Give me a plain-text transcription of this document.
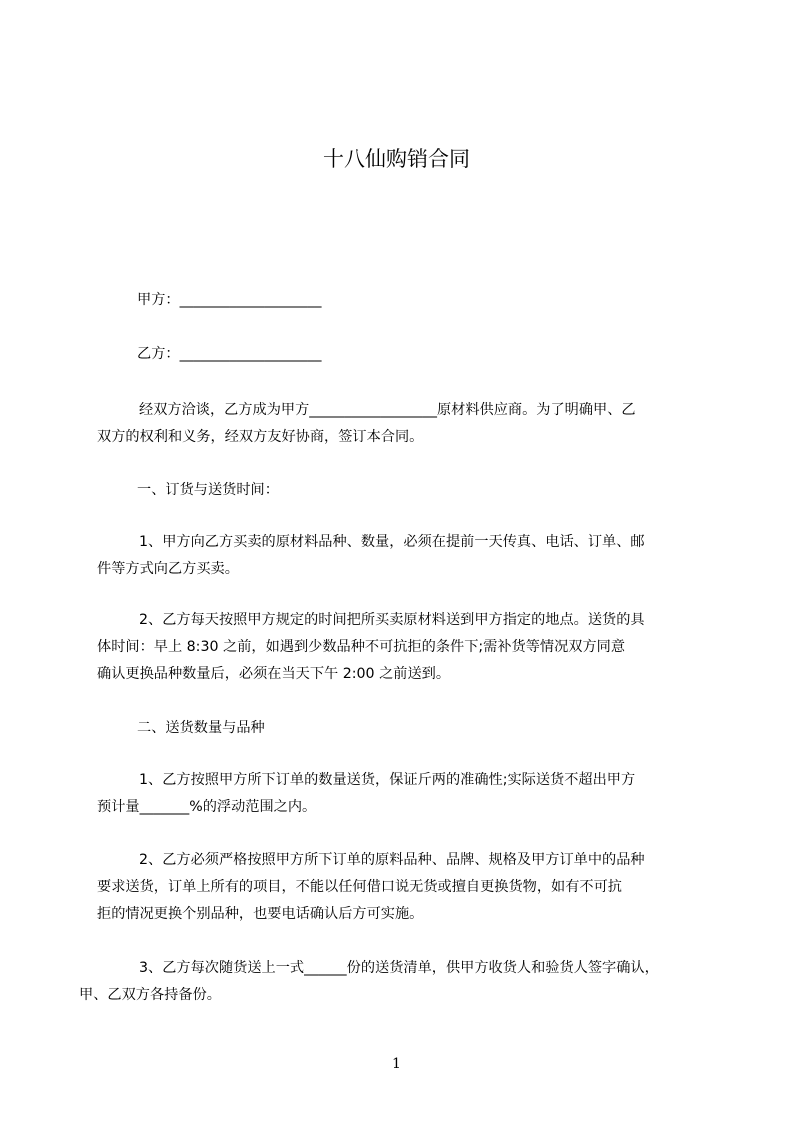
十八仙购销合同
甲方：____________________
乙方：____________________
经双方洽谈，乙方成为甲方__________________原材料供应商。为了明确甲、乙
双方的权利和义务，经双方友好协商，签订本合同。
一、订货与送货时间：
1、甲方向乙方买卖的原材料品种、数量，必须在提前一天传真、电话、订单、邮
件等方式向乙方买卖。
2、乙方每天按照甲方规定的时间把所买卖原材料送到甲方指定的地点。送货的具
体时间：早上 8:30 之前，如遇到少数品种不可抗拒的条件下;需补货等情况双方同意
确认更换品种数量后，必须在当天下午 2:00 之前送到。
二、送货数量与品种
1、乙方按照甲方所下订单的数量送货，保证斤两的准确性;实际送货不超出甲方
预计量_______%的浮动范围之内。
2、乙方必须严格按照甲方所下订单的原料品种、品牌、规格及甲方订单中的品种
要求送货，订单上所有的项目，不能以任何借口说无货或擅自更换货物，如有不可抗
拒的情况更换个别品种，也要电话确认后方可实施。
3、乙方每次随货送上一式______份的送货清单，供甲方收货人和验货人签字确认，
甲、乙双方各持备份。
1
